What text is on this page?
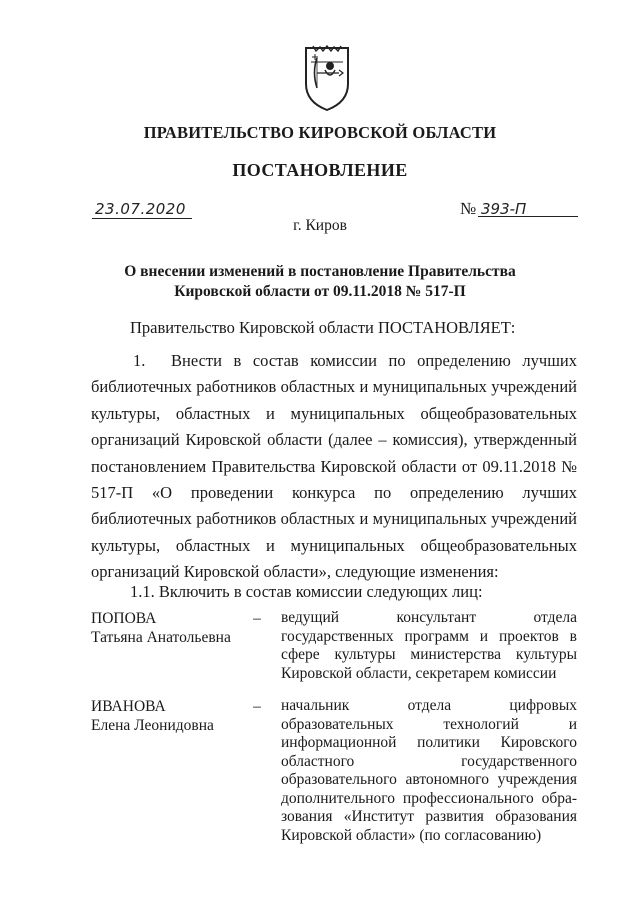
ПРАВИТЕЛЬСТВО КИРОВСКОЙ ОБЛАСТИ
ПОСТАНОВЛЕНИЕ
23.07.2020	№ 393-П
г. Киров
О внесении изменений в постановление Правительства
Кировской области от 09.11.2018 № 517-П
Правительство Кировской области ПОСТАНОВЛЯЕТ:
1. Внести в состав комиссии по определению лучших библиотечных работников областных и муниципальных учреждений культуры, областных и муниципальных общеобразовательных организаций Кировской области (далее – комиссия), утвержденный постановлением Правительства Кировской области от 09.11.2018 № 517-П «О проведении конкурса по определению лучших библиотечных работников областных и муниципальных учреждений культуры, областных и муниципальных общеобразовательных организаций Кировской области», следующие изменения:
1.1. Включить в состав комиссии следующих лиц:
ПОПОВА
Татьяна Анатольевна
–	ведущий консультант отдела государственных программ и проектов в сфере культуры министерства культуры Кировской области, секретарем комиссии
ИВАНОВА
Елена Леонидовна
–	начальник отдела цифровых образовательных технологий и информационной политики Кировского областного государственного образовательного автономного учреждения дополнительного профессионального обра-зования «Институт развития образования Кировской области» (по согласованию)
